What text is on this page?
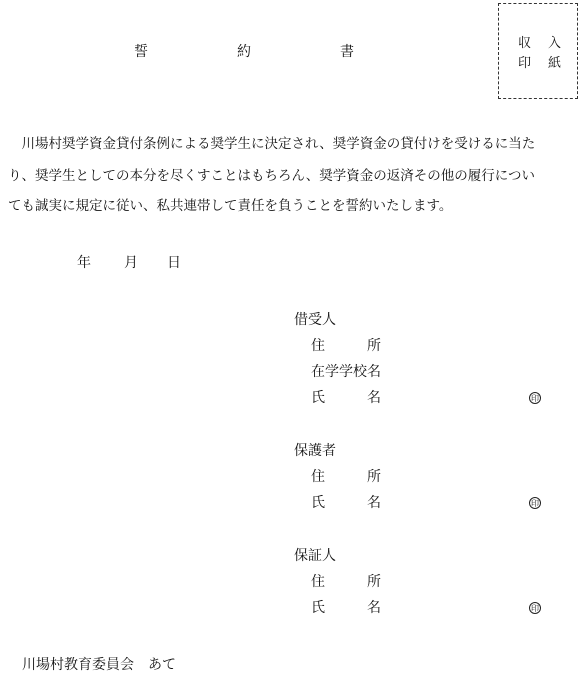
誓	約	書
収 入
印 紙
　川場村奨学資金貸付条例による奨学生に決定され、奨学資金の貸付けを受けるに当た
り、奨学生としての本分を尽くすことはもちろん、奨学資金の返済その他の履行につい
ても誠実に規定に従い、私共連帯して責任を負うことを誓約いたします。
年 月 日
借受人
住	所
在学学校名
氏	名	印
保護者
住	所
氏	名	印
保証人
住	所
氏	名	印
川場村教育委員会　あて
